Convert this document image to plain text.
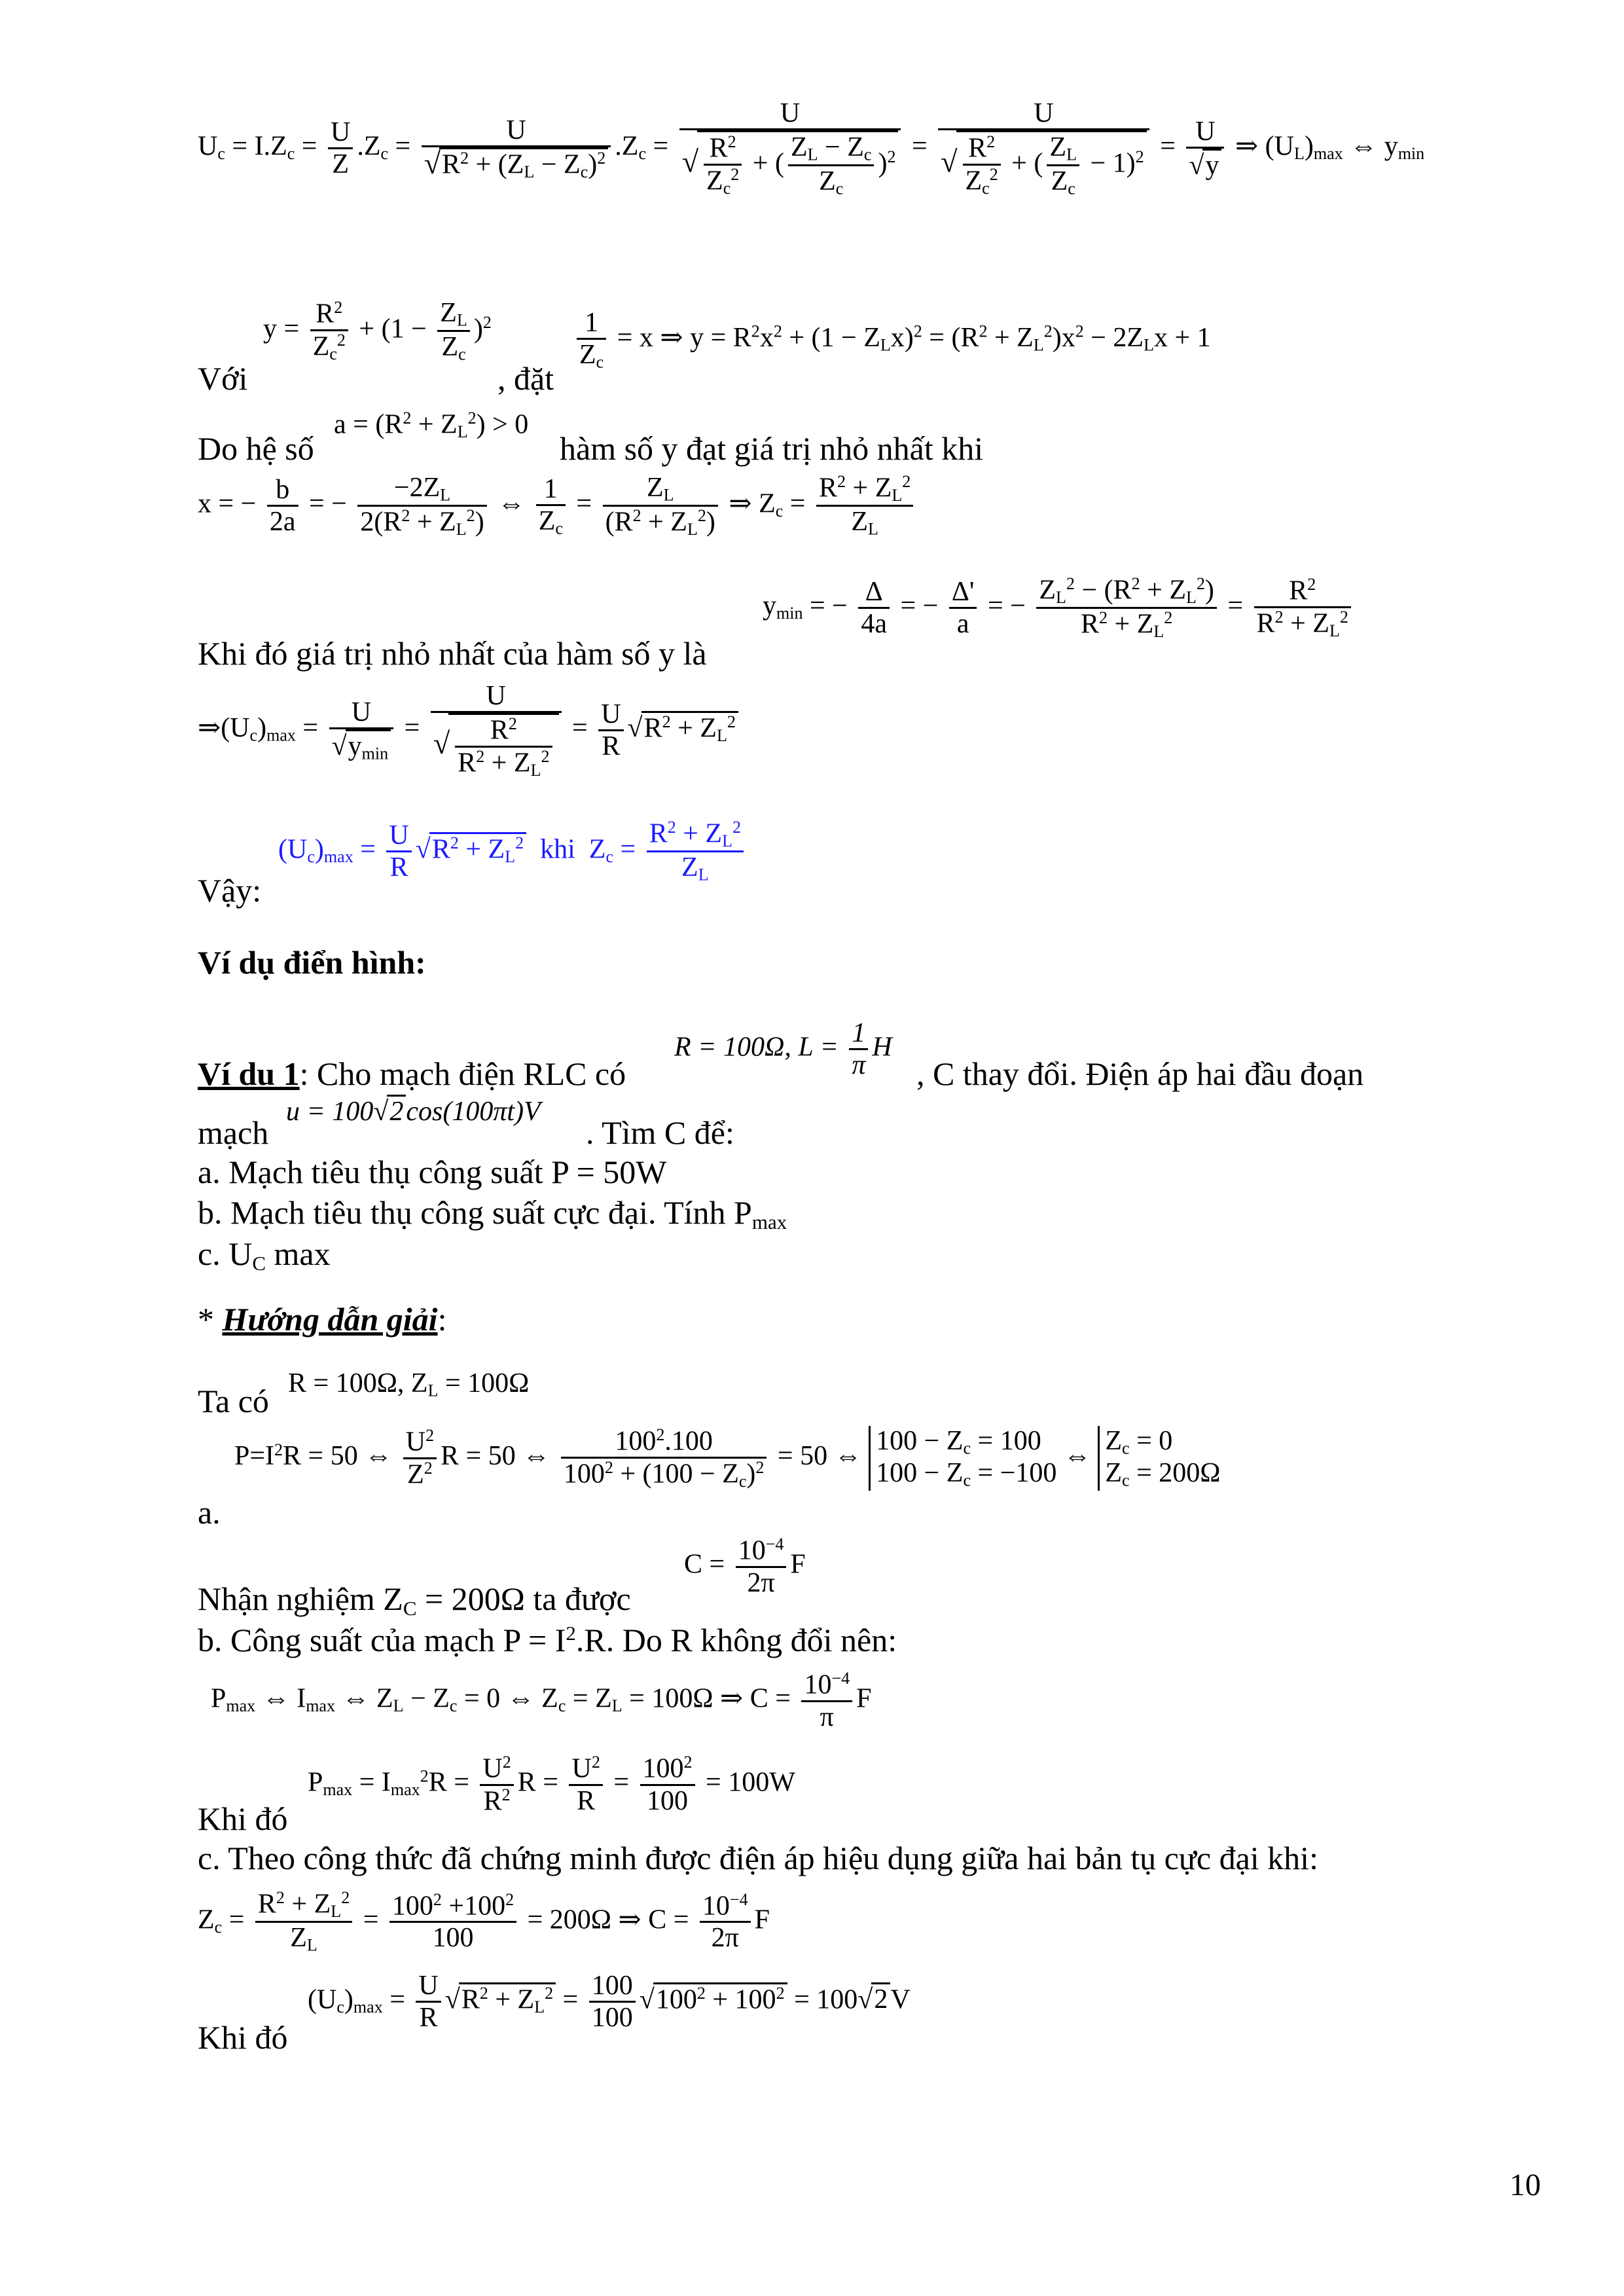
$U_c = I.Z_c = \frac{U}{Z} .Z_c = \frac{U}{√R^2 + (Z_L - Z_c)^2} .Z_c$ =
U
√ $\frac{R^2}{Z_c^2}$ + ( $\frac{Z_L - Z_c}{Z_c} )^2$ =
U
√ $\frac{R^2}{Z_c^2}$ + ( $\frac{Z_L}{Z_c} - 1)^2 = \frac{U}{√y}$ ⇒ $(U_L)_{max}$ ⇔ $y_{min}$
Với
$y = \frac{R^2}{Z_c^2} + (1 - \frac{Z_L}{Z_c} )^2$
, đặt
$\frac{1}{Z_c} = x$ ⇒ $y = R^2x^2 + (1 - Z_Lx)^2 = (R^2 + Z_L^2)x^2 - 2Z_Lx + 1$
Do hệ số
$a = (R^2 + Z_L^2) > 0$
hàm số y đạt giá trị nhỏ nhất khi
x = − $\frac{b}{2a}$ = − $\frac{-2Z_L}{2(R^2 + Z_L^2)}$ ⇔ $\frac{1}{Z_c} = \frac{Z_L}{(R^2 + Z_L^2)}$ ⇒ $Z_c = \frac{R^2 + Z_L^2}{Z_L}$
$y_{min}$ = − $\frac{\Delta}{4a}$ = − $\frac{\Delta'}{a}$ = − $\frac{Z_L^2 - (R^2 + Z_L^2)}{R^2 + Z_L^2} = \frac{R^2}{R^2 + Z_L^2}$
Khi đó giá trị nhỏ nhất của hàm số y là
$\Rightarrow(U_c)_{max}$ =
U
$√y_{min}$
= $\frac{U}{√ \frac{R^2}{R^2 + Z_L^2}} = \frac{U}{R} √R^2 + Z_L^2$
$(U_c)_{max} = \frac{U}{R} √R^2 + Z_L^2$  khi  $Z_c = \frac{R^2 + Z_L^2}{Z_L}$
Vậy:
Ví dụ điển hình:
Ví du 1: Cho mạch điện RLC có
R = 100Ω, $L = \frac{1}{\pi}$ H
, C thay đổi. Điện áp hai đầu đoạn
mạch
u = 100√2cos(100πt)V
. Tìm C để:
a. Mạch tiêu thụ công suất P = 50W
b. Mạch tiêu thụ công suất cực đại. Tính $P_{max}$
c. $U_C$ max
* Hướng dẫn giải:
Ta có R = 100Ω, $Z_L = 100\Omega$
$P=I^2R = 50$ ⇔ $\frac{U^2}{Z^2}$ R = 50 ⇔ $\frac{100^2.100}{100^2 + (100 - Z_c)^2} = 50$ ⇔ $100 - Z_c = 100$
$100 - Z_c = -100$
⇔ $Z_c = 0$
$Z_c = 200\Omega$
a.
Nhận nghiệm $Z_C = 200\Omega$ ta được
$C = \frac{10^{-4}}{2\pi}$ F
b. Công suất của mạch $P = I^2.R$. Do R không đổi nên:
$P_{max}$ ⇔ $I_{max}$ ⇔ $Z_L - Z_c = 0$ ⇔ $Z_c = Z_L = 100\Omega$ ⇒ $C = \frac{10^{-4}}{\pi}$ F
$P_{max} = I_{max}^2R = \frac{U^2}{R^2}$ $R = \frac{U^2}{R} = \frac{100^2}{100} = 100W$
Khi đó
c. Theo công thức đã chứng minh được điện áp hiệu dụng giữa hai bản tụ cực đại khi:
$Z_c = \frac{R^2 + Z_L^2}{Z_L} = \frac{100^2 +100^2}{100} = 200\Omega$ ⇒ $C = \frac{10^{-4}}{2\pi}$ F
$(U_c)_{max} = \frac{U}{R} √R^2 + Z_L^2 = \frac{100}{100} √100^2 + 100^2 = 100√2V$
Khi đó
10
